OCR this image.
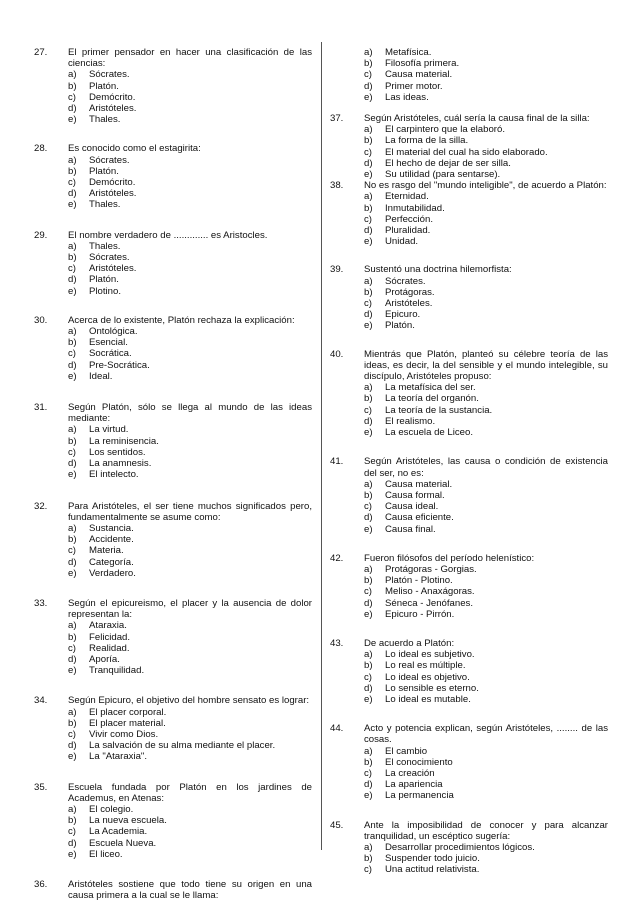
27. El primer pensador en hacer una clasificación de las ciencias:
a) Sócrates.
b) Platón.
c) Demócrito.
d) Aristóteles.
e) Thales.
28. Es conocido como el estagirita:
a) Sócrates.
b) Platón.
c) Demócrito.
d) Aristóteles.
e) Thales.
29. El nombre verdadero de ............. es Aristocles.
a) Thales.
b) Sócrates.
c) Aristóteles.
d) Platón.
e) Plotino.
30. Acerca de lo existente, Platón rechaza la explicación:
a) Ontológica.
b) Esencial.
c) Socrática.
d) Pre-Socrática.
e) Ideal.
31. Según Platón, sólo se llega al mundo de las ideas mediante:
a) La virtud.
b) La reminisencia.
c) Los sentidos.
d) La anamnesis.
e) El intelecto.
32. Para Aristóteles, el ser tiene muchos significados pero, fundamentalmente se asume como:
a) Sustancia.
b) Accidente.
c) Materia.
d) Categoría.
e) Verdadero.
33. Según el epicureismo, el placer y la ausencia de dolor representan la:
a) Ataraxia.
b) Felicidad.
c) Realidad.
d) Aporía.
e) Tranquilidad.
34. Según Epicuro, el objetivo del hombre sensato es lograr:
a) El placer corporal.
b) El placer material.
c) Vivir como Dios.
d) La salvación de su alma mediante el placer.
e) La "Ataraxia".
35. Escuela fundada por Platón en los jardines de Academus, en Atenas:
a) El colegio.
b) La nueva escuela.
c) La Academia.
d) Escuela Nueva.
e) El liceo.
36. Aristóteles sostiene que todo tiene su origen en una causa primera a la cual se le llama:
a) Metafísica.
b) Filosofía primera.
c) Causa material.
d) Primer motor.
e) Las ideas.
37. Según Aristóteles, cuál sería la causa final de la silla:
a) El carpintero que la elaboró.
b) La forma de la silla.
c) El material del cual ha sido elaborado.
d) El hecho de dejar de ser silla.
e) Su utilidad (para sentarse).
38. No es rasgo del "mundo inteligible", de acuerdo a Platón:
a) Eternidad.
b) Inmutabilidad.
c) Perfección.
d) Pluralidad.
e) Unidad.
39. Sustentó una doctrina hilemorfista:
a) Sócrates.
b) Protágoras.
c) Aristóteles.
d) Epicuro.
e) Platón.
40. Mientrás que Platón, planteó su célebre teoría de las ideas, es decir, la del sensible y el mundo intelegible, su discípulo, Aristóteles propuso:
a) La metafísica del ser.
b) La teoría del organón.
c) La teoría de la sustancia.
d) El realismo.
e) La escuela de Liceo.
41. Según Aristóteles, las causa o condición de existencia del ser, no es:
a) Causa material.
b) Causa formal.
c) Causa ideal.
d) Causa eficiente.
e) Causa final.
42. Fueron filósofos del período helenístico:
a) Protágoras - Gorgias.
b) Platón - Plotino.
c) Meliso - Anaxágoras.
d) Séneca - Jenófanes.
e) Epicuro - Pirrón.
43. De acuerdo a Platón:
a) Lo ideal es subjetivo.
b) Lo real es múltiple.
c) Lo ideal es objetivo.
d) Lo sensible es eterno.
e) Lo ideal es mutable.
44. Acto y potencia explican, según Aristóteles, ........ de las cosas.
a) El cambio
b) El conocimiento
c) La creación
d) La apariencia
e) La permanencia
45. Ante la imposibilidad de conocer y para alcanzar tranquilidad, un escéptico sugería:
a) Desarrollar procedimientos lógicos.
b) Suspender todo juicio.
c) Una actitud relativista.
